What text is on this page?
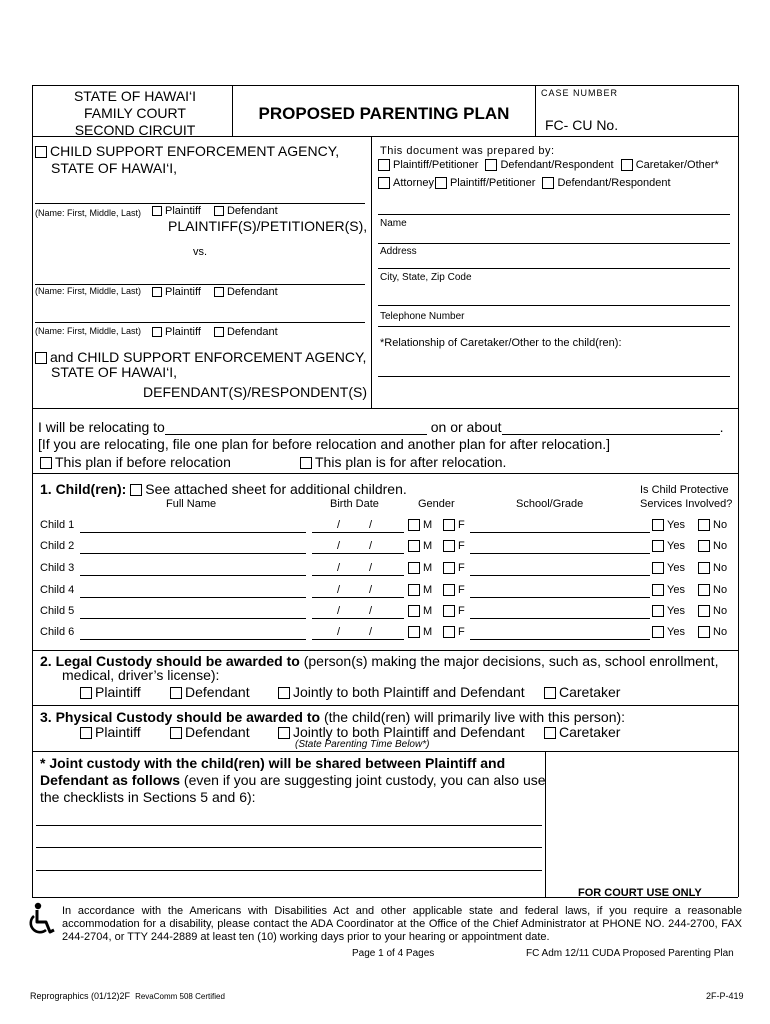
STATE OF HAWAI‘I
FAMILY COURT
SECOND CIRCUIT
PROPOSED PARENTING PLAN
CASE NUMBER
FC- CU No.
CHILD SUPPORT ENFORCEMENT AGENCY,
STATE OF HAWAI‘I,
(Name: First, Middle, Last)	Plaintiff Defendant
PLAINTIFF(S)/PETITIONER(S),
vs.
(Name: First, Middle, Last)	Plaintiff Defendant
(Name: First, Middle, Last)	Plaintiff Defendant
and CHILD SUPPORT ENFORCEMENT AGENCY,
STATE OF HAWAI‘I,
DEFENDANT(S)/RESPONDENT(S)
This document was prepared by:
Plaintiff/Petitioner Defendant/Respondent Caretaker/Other*
Attorney Plaintiff/Petitioner Defendant/Respondent
Name
Address
City, State, Zip Code
Telephone Number
*Relationship of Caretaker/Other to the child(ren):
I will be relocating to	on or about	.
[If you are relocating, file one plan for before relocation and another plan for after relocation.]
This plan if before relocation	This plan is for after relocation.
1. Child(ren): See attached sheet for additional children.	Is Child Protective
Full Name	Birth Date	Gender	School/Grade	Services Involved?
Child 1	/	/	M	F	Yes	No
Child 2	/	/	M	F	Yes	No
Child 3	/	/	M	F	Yes	No
Child 4	/	/	M	F	Yes	No
Child 5	/	/	M	F	Yes	No
Child 6	/	/	M	F	Yes	No
2. Legal Custody should be awarded to (person(s) making the major decisions, such as, school enrollment,
medical, driver’s license):
Plaintiff	Defendant	Jointly to both Plaintiff and Defendant	Caretaker
3. Physical Custody should be awarded to (the child(ren) will primarily live with this person):
Plaintiff	Defendant	Jointly to both Plaintiff and Defendant	Caretaker
(State Parenting Time Below*)
* Joint custody with the child(ren) will be shared between Plaintiff and
Defendant as follows (even if you are suggesting joint custody, you can also use
the checklists in Sections 5 and 6):
FOR COURT USE ONLY
In accordance with the Americans with Disabilities Act and other applicable state and federal laws, if you require a reasonable accommodation for a disability, please contact the ADA Coordinator at the Office of the Chief Administrator at PHONE NO. 244-2700, FAX 244-2704, or TTY 244-2889 at least ten (10) working days prior to your hearing or appointment date.
Page 1 of 4 Pages	FC Adm 12/11 CUDA Proposed Parenting Plan
Reprographics (01/12)2F RevaComm 508 Certified	2F-P-419
